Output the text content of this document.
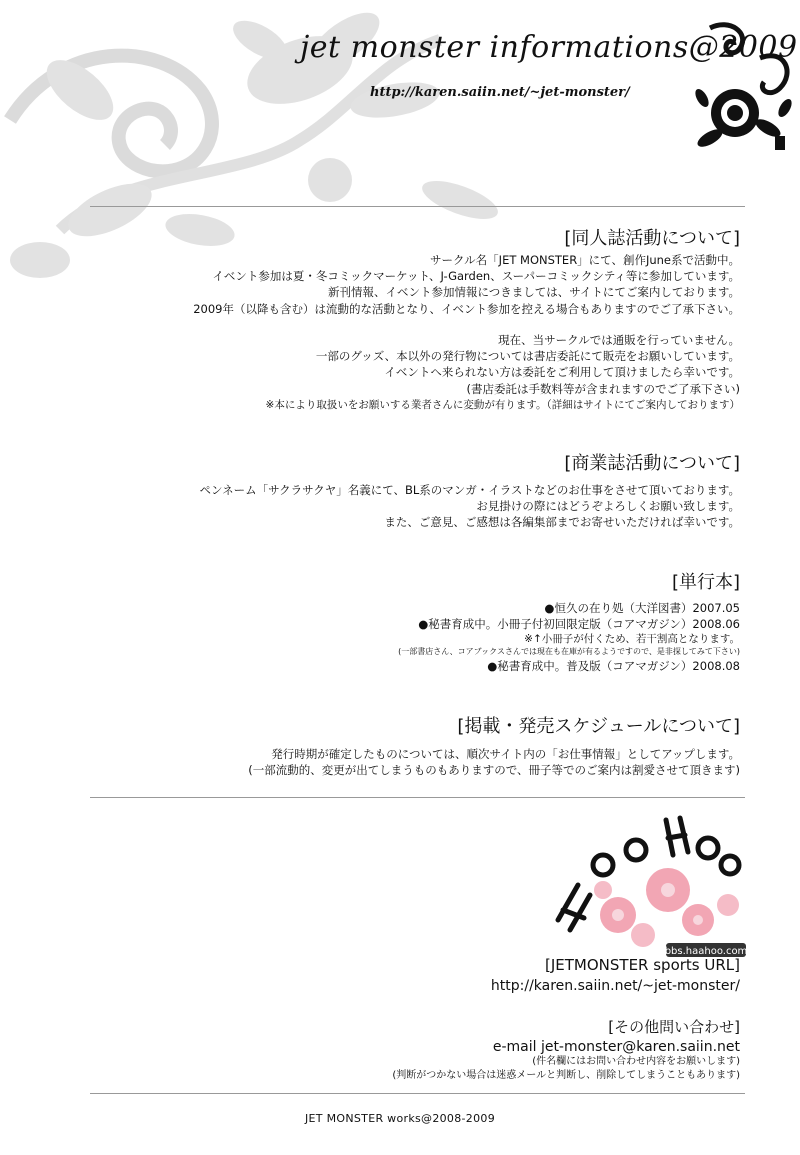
jet monster informations@2009
http://karen.saiin.net/~jet-monster/
[同人誌活動について]
サークル名「JET MONSTER」にて、創作June系で活動中。
イベント参加は夏・冬コミックマーケット、J-Garden、スーパーコミックシティ等に参加しています。
新刊情報、イベント参加情報につきましては、サイトにてご案内しております。
2009年（以降も含む）は流動的な活動となり、イベント参加を控える場合もありますのでご了承下さい。
現在、当サークルでは通販を行っていません。
一部のグッズ、本以外の発行物については書店委託にて販売をお願いしています。
イベントへ来られない方は委託をご利用して頂けましたら幸いです。
(書店委託は手数料等が含まれますのでご了承下さい)
※本により取扱いをお願いする業者さんに変動が有ります。（詳細はサイトにてご案内しております）
[商業誌活動について]
ペンネーム「サクラサクヤ」名義にて、BL系のマンガ・イラストなどのお仕事をさせて頂いております。
お見掛けの際にはどうぞよろしくお願い致します。
また、ご意見、ご感想は各編集部までお寄せいただければ幸いです。
[単行本]
●恒久の在り処（大洋図書）2007.05
●秘書育成中。小冊子付初回限定版（コアマガジン）2008.06
※↑小冊子が付くため、若干割高となります。
(一部書店さん、コアブックスさんでは現在も在庫が有るようですので、是非探してみて下さい)
●秘書育成中。普及版（コアマガジン）2008.08
[掲載・発売スケジュールについて]
発行時期が確定したものについては、順次サイト内の「お仕事情報」としてアップします。
(一部流動的、変更が出てしまうものもありますので、冊子等でのご案内は割愛させて頂きます)
bbs.haahoo.com
[JETMONSTER sports URL]
http://karen.saiin.net/~jet-monster/
[その他問い合わせ]
e-mail jet-monster@karen.saiin.net
(件名欄にはお問い合わせ内容をお願いします)
(判断がつかない場合は迷惑メールと判断し、削除してしまうこともあります)
JET MONSTER works@2008-2009
